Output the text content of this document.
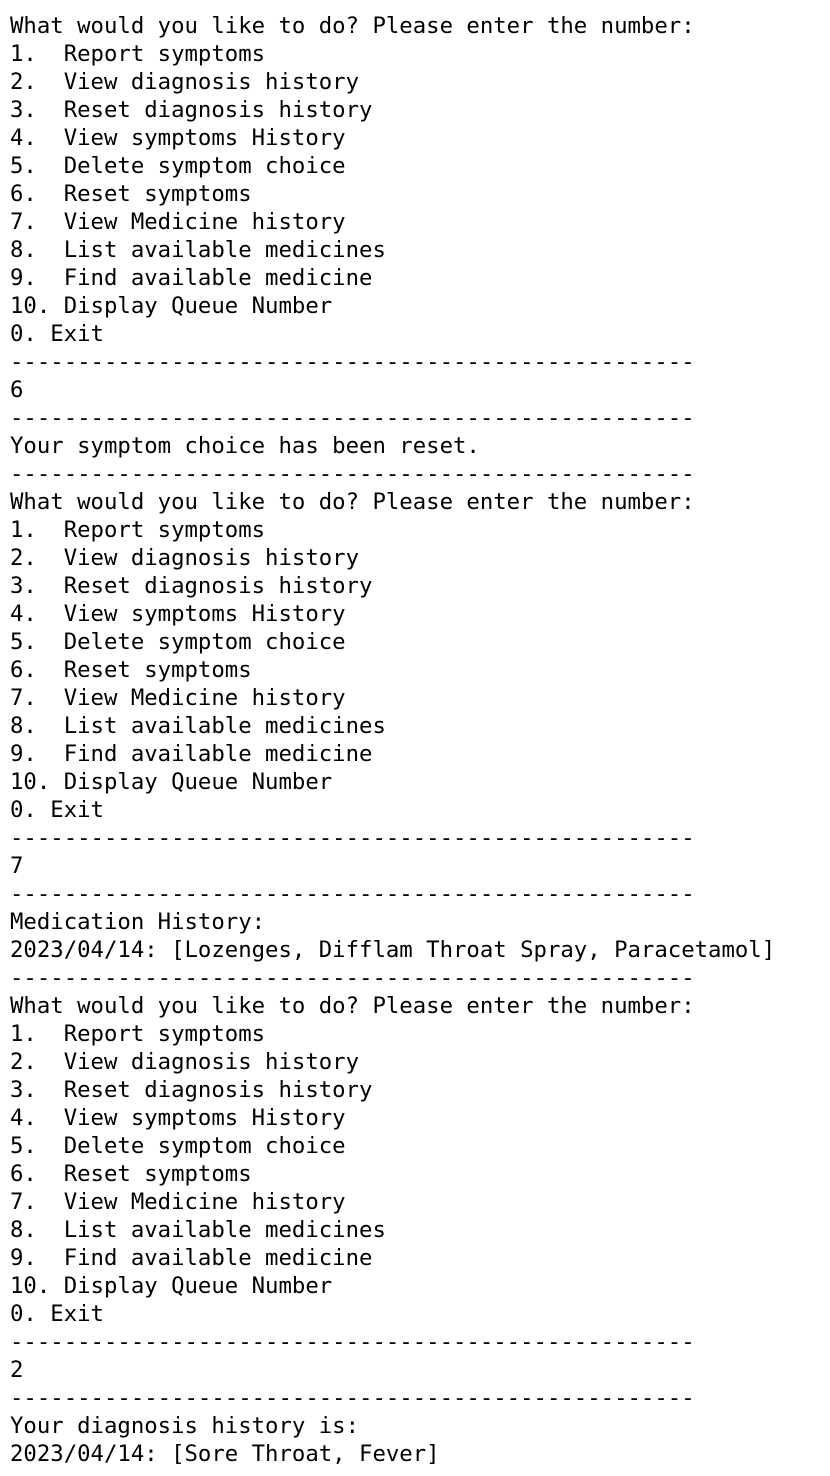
What would you like to do? Please enter the number:
1.  Report symptoms
2.  View diagnosis history
3.  Reset diagnosis history
4.  View symptoms History
5.  Delete symptom choice
6.  Reset symptoms
7.  View Medicine history
8.  List available medicines
9.  Find available medicine
10. Display Queue Number
0. Exit
---------------------------------------------------
6
---------------------------------------------------
Your symptom choice has been reset.
---------------------------------------------------
What would you like to do? Please enter the number:
1.  Report symptoms
2.  View diagnosis history
3.  Reset diagnosis history
4.  View symptoms History
5.  Delete symptom choice
6.  Reset symptoms
7.  View Medicine history
8.  List available medicines
9.  Find available medicine
10. Display Queue Number
0. Exit
---------------------------------------------------
7
---------------------------------------------------
Medication History:
2023/04/14: [Lozenges, Difflam Throat Spray, Paracetamol]
---------------------------------------------------
What would you like to do? Please enter the number:
1.  Report symptoms
2.  View diagnosis history
3.  Reset diagnosis history
4.  View symptoms History
5.  Delete symptom choice
6.  Reset symptoms
7.  View Medicine history
8.  List available medicines
9.  Find available medicine
10. Display Queue Number
0. Exit
---------------------------------------------------
2
---------------------------------------------------
Your diagnosis history is:
2023/04/14: [Sore Throat, Fever]
